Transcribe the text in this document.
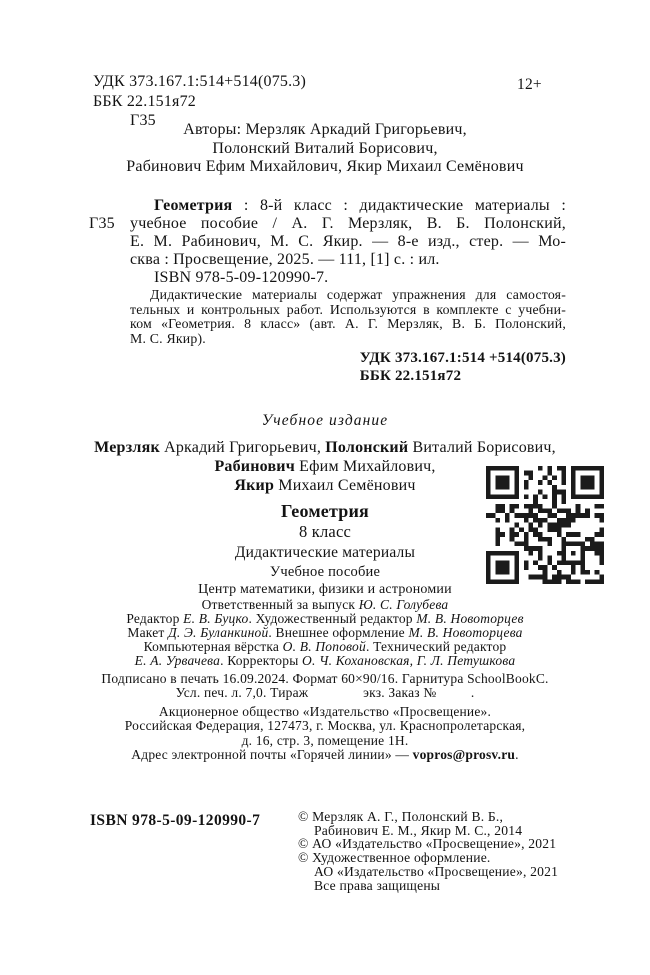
УДК 373.167.1:514+514(075.3)
ББК 22.151я72
Г35
12+
Авторы: Мерзляк Аркадий Григорьевич,
Полонский Виталий Борисович,
Рабинович Ефим Михайлович, Якир Михаил Семёнович
Г35
Геометрия : 8-й класс : дидактические материалы :
учебное пособие / А. Г. Мерзляк, В. Б. Полонский,
Е. М. Рабинович, М. С. Якир. — 8-е изд., стер. — Мо-
сква : Просвещение, 2025. — 111, [1] с. : ил.
ISBN 978-5-09-120990-7.
Дидактические материалы содержат упражнения для самостоя-
тельных и контрольных работ. Используются в комплекте с учебни-
ком «Геометрия. 8 класс» (авт. А. Г. Мерзляк, В. Б. Полонский,
М. С. Якир).
УДК 373.167.1:514 +514(075.3)
ББК 22.151я72
Учебное издание
Мерзляк Аркадий Григорьевич, Полонский Виталий Борисович,
Рабинович Ефим Михайлович,
Якир Михаил Семёнович
Геометрия
8 класс
Дидактические материалы
Учебное пособие
Центр математики, физики и астрономии
Ответственный за выпуск Ю. С. Голубева
Редактор Е. В. Буцко. Художественный редактор М. В. Новоторцев
Макет Д. Э. Буланкиной. Внешнее оформление М. В. Новоторцева
Компьютерная вёрстка О. В. Поповой. Технический редактор
Е. А. Урвачева. Корректоры О. Ч. Кохановская, Г. Л. Петушкова
Подписано в печать 16.09.2024. Формат 60×90/16. Гарнитура SchoolBookC.
Усл. печ. л. 7,0. Тираж    экз. Заказ №   .
Акционерное общество «Издательство «Просвещение».
Российская Федерация, 127473, г. Москва, ул. Краснопролетарская,
д. 16, стр. 3, помещение 1Н.
Адрес электронной почты «Горячей линии» — vopros@prosv.ru.
ISBN 978-5-09-120990-7	© Мерзляк А. Г., Полонский В. Б.,
Рабинович Е. М., Якир М. С., 2014
© АО «Издательство «Просвещение», 2021
© Художественное оформление.
АО «Издательство «Просвещение», 2021
Все права защищены
